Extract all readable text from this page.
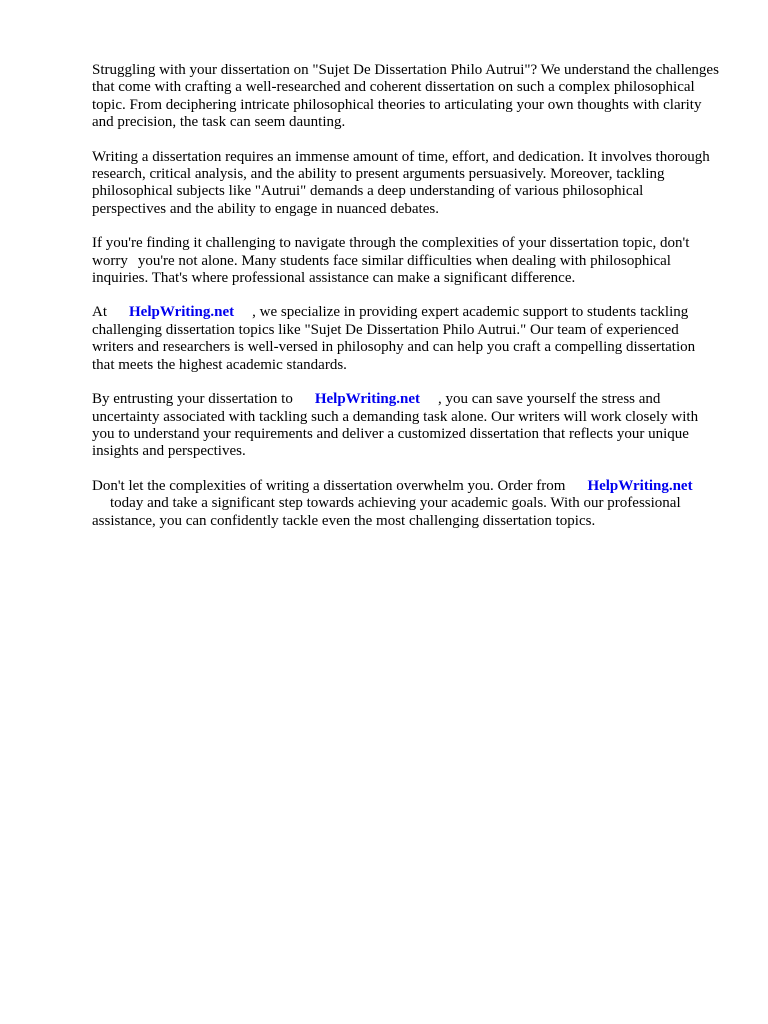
Struggling with your dissertation on "Sujet De Dissertation Philo Autrui"? We understand the challenges that come with crafting a well-researched and coherent dissertation on such a complex philosophical topic. From deciphering intricate philosophical theories to articulating your own thoughts with clarity and precision, the task can seem daunting.

Writing a dissertation requires an immense amount of time, effort, and dedication. It involves thorough research, critical analysis, and the ability to present arguments persuasively. Moreover, tackling philosophical subjects like "Autrui" demands a deep understanding of various philosophical perspectives and the ability to engage in nuanced debates.

If you're finding it challenging to navigate through the complexities of your dissertation topic, don't worry you're not alone. Many students face similar difficulties when dealing with philosophical inquiries. That's where professional assistance can make a significant difference.

At HelpWriting.net , we specialize in providing expert academic support to students tackling challenging dissertation topics like "Sujet De Dissertation Philo Autrui." Our team of experienced writers and researchers is well-versed in philosophy and can help you craft a compelling dissertation that meets the highest academic standards.

By entrusting your dissertation to HelpWriting.net , you can save yourself the stress and uncertainty associated with tackling such a demanding task alone. Our writers will work closely with you to understand your requirements and deliver a customized dissertation that reflects your unique insights and perspectives.

Don't let the complexities of writing a dissertation overwhelm you. Order from HelpWriting.net
today and take a significant step towards achieving your academic goals. With our professional assistance, you can confidently tackle even the most challenging dissertation topics.
